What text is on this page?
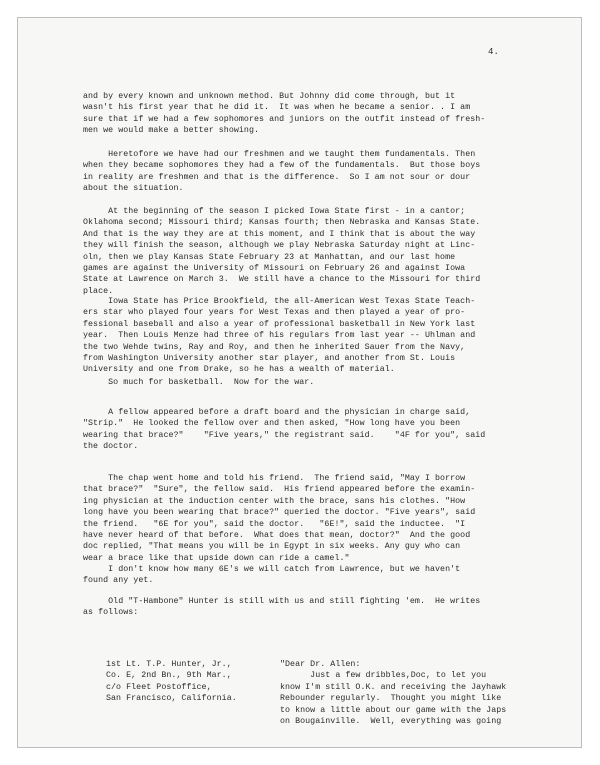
4.

and by every known and unknown method. But Johnny did come through, but it
wasn't his first year that he did it.  It was when he became a senior. . I am
sure that if we had a few sophomores and juniors on the outfit instead of fresh-
men we would make a better showing.
Heretofore we have had our freshmen and we taught them fundamentals. Then
when they became sophomores they had a few of the fundamentals.  But those boys
in reality are freshmen and that is the difference.  So I am not sour or dour
about the situation.
At the beginning of the season I picked Iowa State first - in a cantor;
Oklahoma second; Missouri third; Kansas fourth; then Nebraska and Kansas State.
And that is the way they are at this moment, and I think that is about the way
they will finish the season, although we play Nebraska Saturday night at Linc-
oln, then we play Kansas State February 23 at Manhattan, and our last home
games are against the University of Missouri on February 26 and against Iowa
State at Lawrence on March 3.  We still have a chance to the Missouri for third
place.
Iowa State has Price Brookfield, the all-American West Texas State Teach-
ers star who played four years for West Texas and then played a year of pro-
fessional baseball and also a year of professional basketball in New York last
year.  Then Louis Menze had three of his regulars from last year -- Uhlman and
the two Wehde twins, Ray and Roy, and then he inherited Sauer from the Navy,
from Washington University another star player, and another from St. Louis
University and one from Drake, so he has a wealth of material.
So much for basketball.  Now for the war.
A fellow appeared before a draft board and the physician in charge said,
"Strip."  He looked the fellow over and then asked, "How long have you been
wearing that brace?"    "Five years," the registrant said.    "4F for you", said
the doctor.
The chap went home and told his friend.  The friend said, "May I borrow
that brace?"  "Sure", the fellow said.  His friend appeared before the examin-
ing physician at the induction center with the brace, sans his clothes. "How
long have you been wearing that brace?" queried the doctor. "Five years", said
the friend.   "6E for you", said the doctor.   "6E!", said the inductee.  "I
have never heard of that before.  What does that mean, doctor?"  And the good
doc replied, "That means you will be in Egypt in six weeks. Any guy who can
wear a brace like that upside down can ride a camel."
I don't know how many 6E's we will catch from Lawrence, but we haven't
found any yet.
Old "T-Hambone" Hunter is still with us and still fighting 'em.  He writes
as follows:
1st Lt. T.P. Hunter, Jr.,
Co. E, 2nd Bn., 9th Mar.,
c/o Fleet Postoffice,
San Francisco, California.
"Dear Dr. Allen:
Just a few dribbles,Doc, to let you
know I'm still O.K. and receiving the Jayhawk
Rebounder regularly.  Thought you might like
to know a little about our game with the Japs
on Bougainville.  Well, everything was going
